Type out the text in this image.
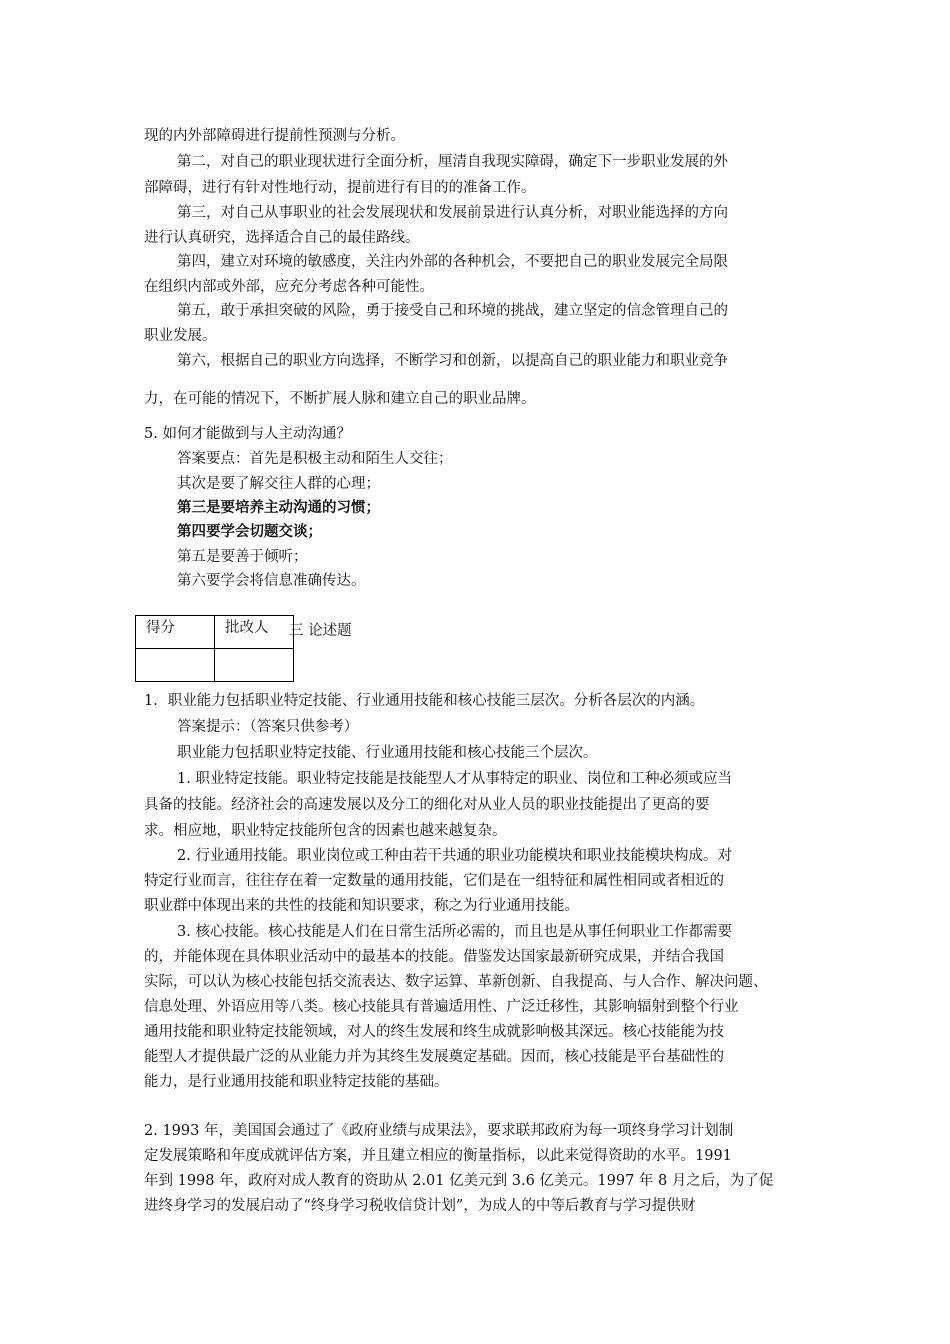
得分	批改人
	三 论述题
现的内外部障碍进行提前性预测与分析。
第二，对自己的职业现状进行全面分析，厘清自我现实障碍，确定下一步职业发展的外
部障碍，进行有针对性地行动，提前进行有目的的准备工作。
第三，对自己从事职业的社会发展现状和发展前景进行认真分析，对职业能选择的方向
进行认真研究，选择适合自己的最佳路线。
第四，建立对环境的敏感度，关注内外部的各种机会，不要把自己的职业发展完全局限
在组织内部或外部，应充分考虑各种可能性。
第五，敢于承担突破的风险，勇于接受自己和环境的挑战，建立坚定的信念管理自己的
职业发展。
第六，根据自己的职业方向选择，不断学习和创新，以提高自己的职业能力和职业竞争
力，在可能的情况下，不断扩展人脉和建立自己的职业品牌。
5. 如何才能做到与人主动沟通？
答案要点：首先是积极主动和陌生人交往；
其次是要了解交往人群的心理；
第三是要培养主动沟通的习惯；
第四要学会切题交谈；
第五是要善于倾听；
第六要学会将信息准确传达。
1．职业能力包括职业特定技能、行业通用技能和核心技能三层次。分析各层次的内涵。
答案提示：（答案只供参考）
职业能力包括职业特定技能、行业通用技能和核心技能三个层次。
1. 职业特定技能。职业特定技能是技能型人才从事特定的职业、岗位和工种必须或应当
具备的技能。经济社会的高速发展以及分工的细化对从业人员的职业技能提出了更高的要
求。相应地，职业特定技能所包含的因素也越来越复杂。
2. 行业通用技能。职业岗位或工种由若干共通的职业功能模块和职业技能模块构成。对
特定行业而言，往往存在着一定数量的通用技能，它们是在一组特征和属性相同或者相近的
职业群中体现出来的共性的技能和知识要求，称之为行业通用技能。
3. 核心技能。核心技能是人们在日常生活所必需的，而且也是从事任何职业工作都需要
的，并能体现在具体职业活动中的最基本的技能。借鉴发达国家最新研究成果，并结合我国
实际，可以认为核心技能包括交流表达、数字运算、革新创新、自我提高、与人合作、解决问题、
信息处理、外语应用等八类。核心技能具有普遍适用性、广泛迁移性，其影响辐射到整个行业
通用技能和职业特定技能领域，对人的终生发展和终生成就影响极其深远。核心技能能为技
能型人才提供最广泛的从业能力并为其终生发展奠定基础。因而，核心技能是平台基础性的
能力，是行业通用技能和职业特定技能的基础。
2. 1993 年，美国国会通过了《政府业绩与成果法》，要求联邦政府为每一项终身学习计划制
定发展策略和年度成就评估方案，并且建立相应的衡量指标，以此来觉得资助的水平。1991
年到 1998 年，政府对成人教育的资助从 2.01 亿美元到 3.6 亿美元。1997 年 8 月之后，为了促
进终身学习的发展启动了“终身学习税收信贷计划”，为成人的中等后教育与学习提供财
